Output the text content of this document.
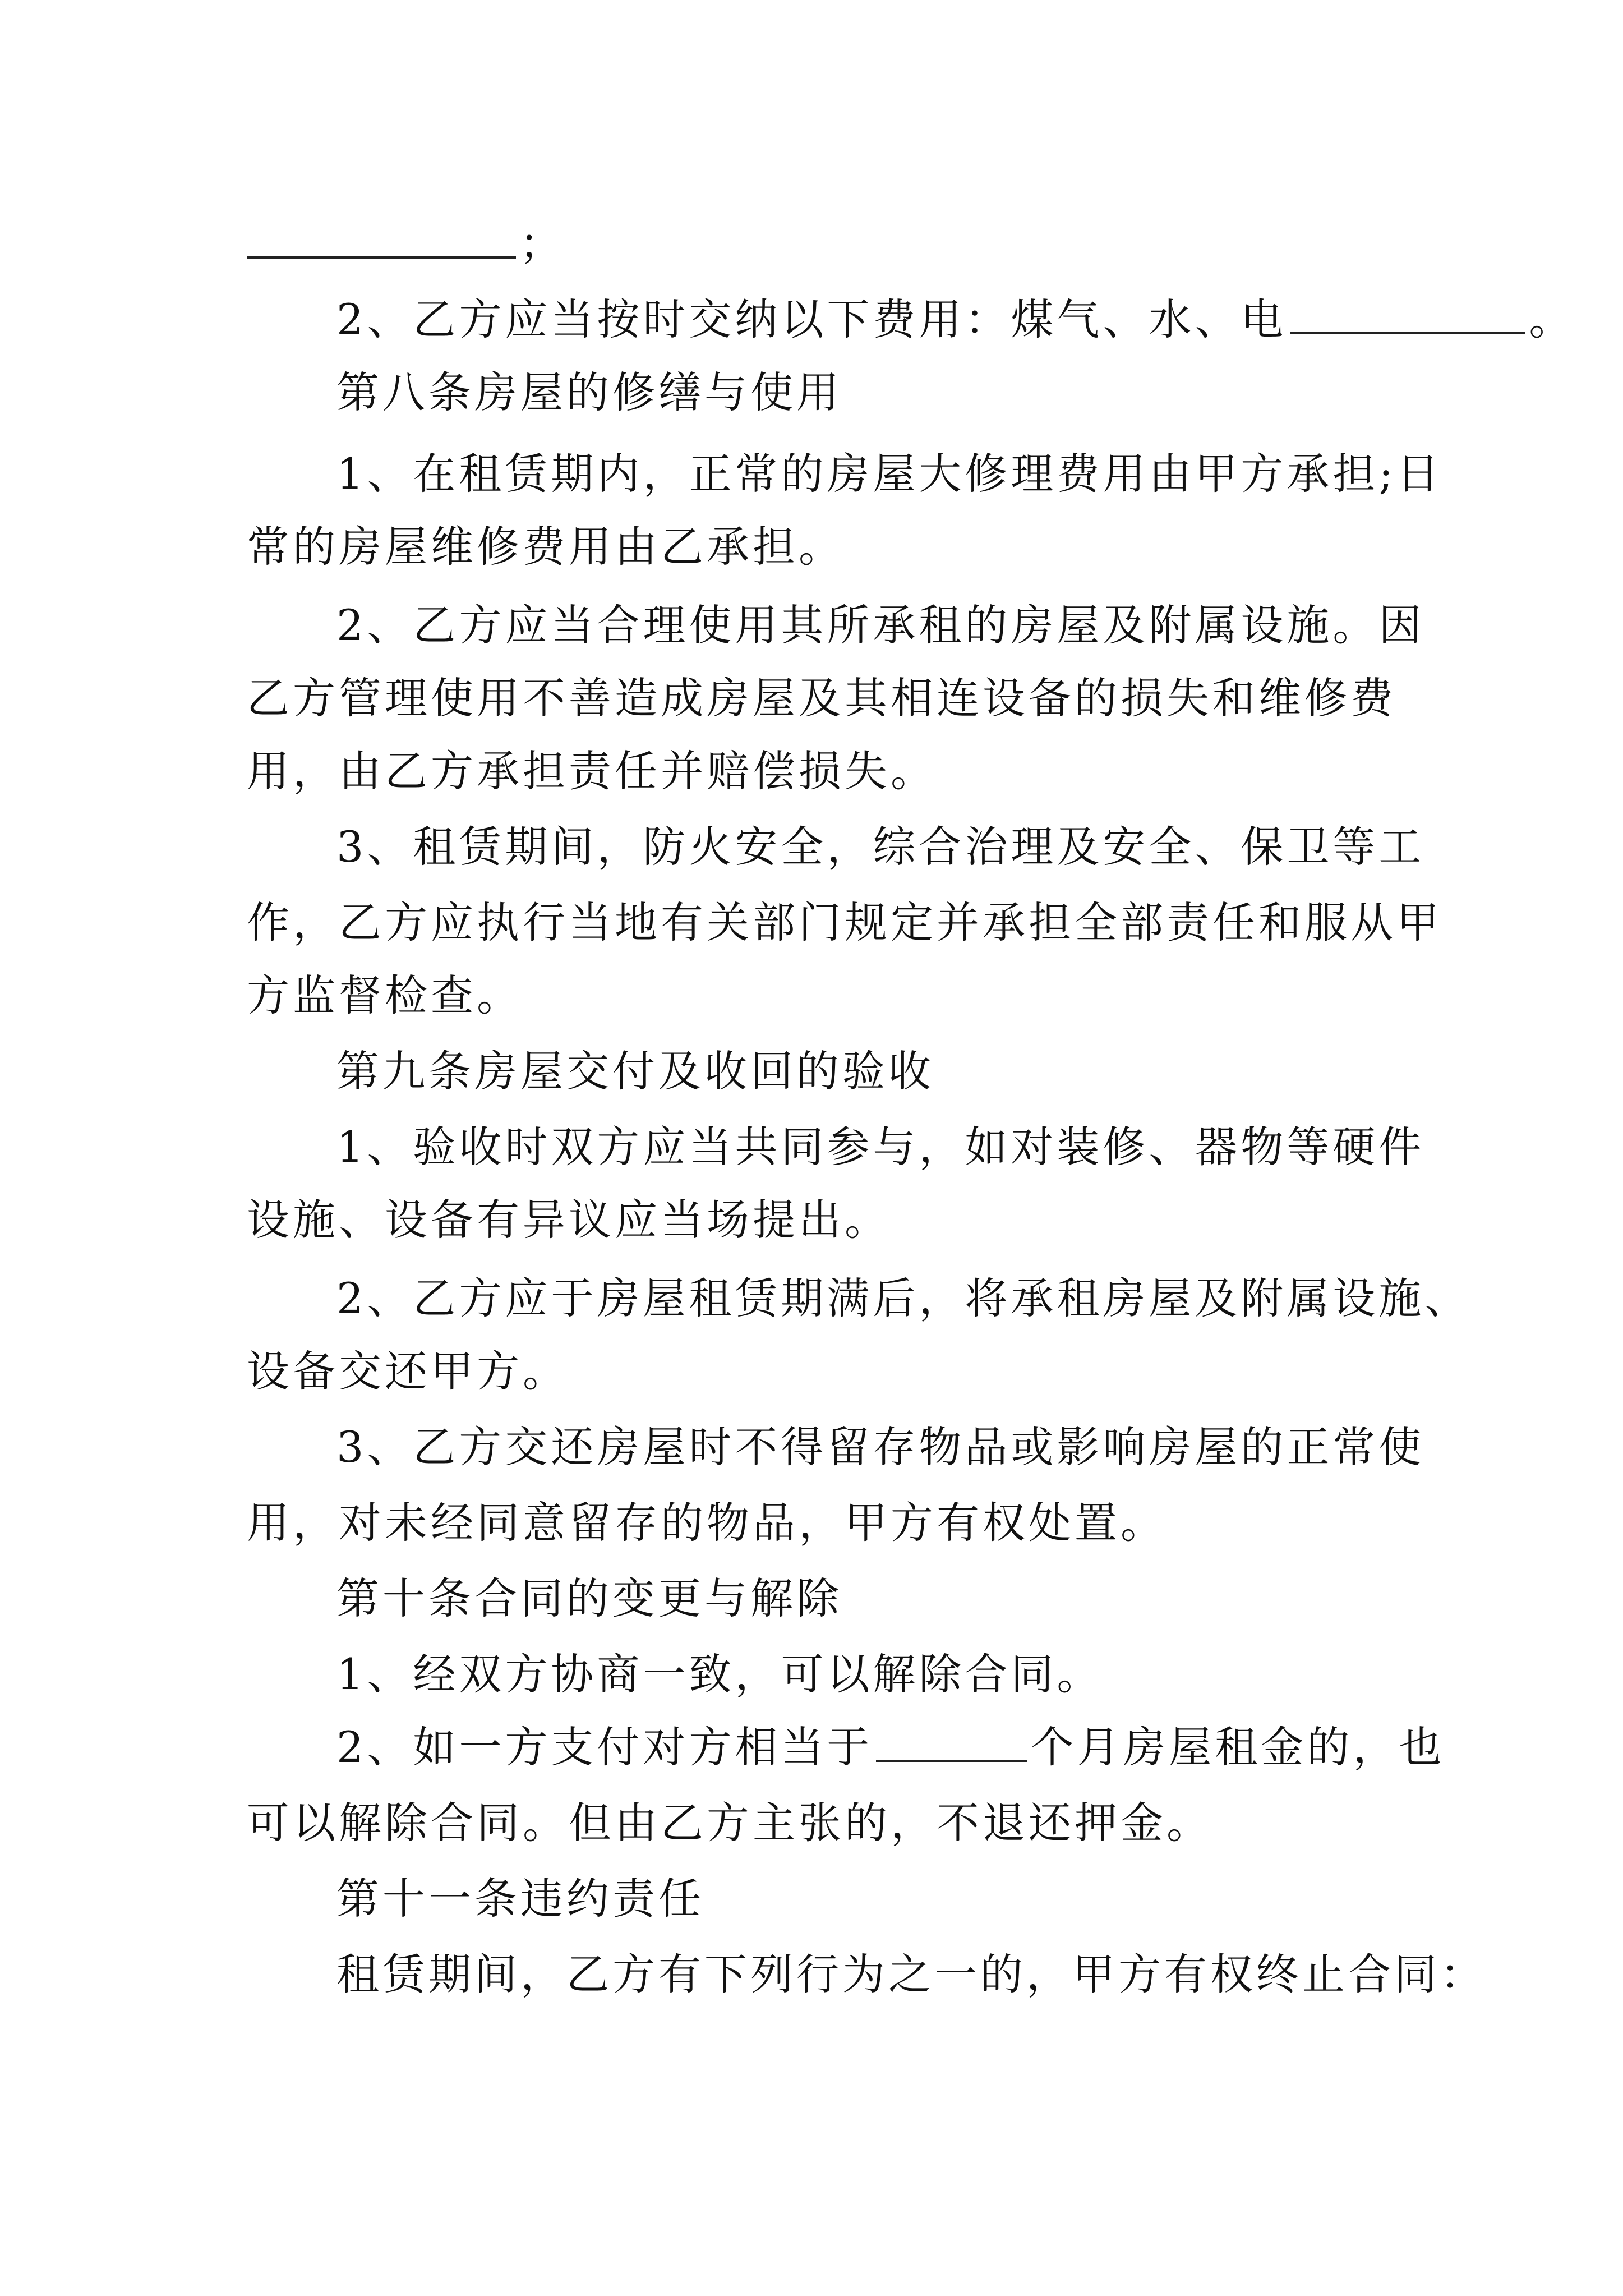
；
2、乙方应当按时交纳以下费用：煤气、水、电	。
第八条房屋的修缮与使用
1、在租赁期内，正常的房屋大修理费用由甲方承担;日
常的房屋维修费用由乙承担。
2、乙方应当合理使用其所承租的房屋及附属设施。因
乙方管理使用不善造成房屋及其相连设备的损失和维修费
用，由乙方承担责任并赔偿损失。
3、租赁期间，防火安全，综合治理及安全、保卫等工
作，乙方应执行当地有关部门规定并承担全部责任和服从甲
方监督检查。
第九条房屋交付及收回的验收
1、验收时双方应当共同参与，如对装修、器物等硬件
设施、设备有异议应当场提出。
2、乙方应于房屋租赁期满后，将承租房屋及附属设施、
设备交还甲方。
3、乙方交还房屋时不得留存物品或影响房屋的正常使
用，对未经同意留存的物品，甲方有权处置。
第十条合同的变更与解除
1、经双方协商一致，可以解除合同。
2、如一方支付对方相当于	个月房屋租金的，也
可以解除合同。但由乙方主张的，不退还押金。
第十一条违约责任
租赁期间，乙方有下列行为之一的，甲方有权终止合同：
